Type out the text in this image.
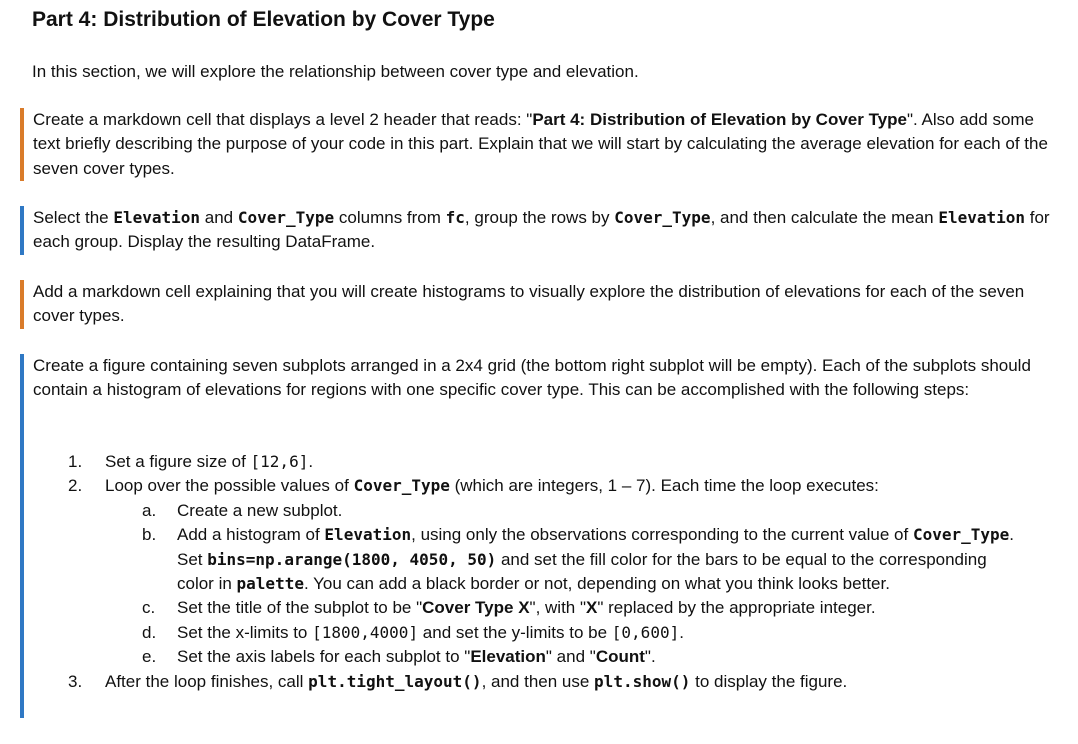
Part 4: Distribution of Elevation by Cover Type

In this section, we will explore the relationship between cover type and elevation.

Create a markdown cell that displays a level 2 header that reads: "Part 4: Distribution of Elevation by Cover Type". Also add some text briefly describing the purpose of your code in this part. Explain that we will start by calculating the average elevation for each of the seven cover types.

Select the Elevation and Cover_Type columns from fc, group the rows by Cover_Type, and then calculate the mean Elevation for each group. Display the resulting DataFrame.

Add a markdown cell explaining that you will create histograms to visually explore the distribution of elevations for each of the seven cover types.

Create a figure containing seven subplots arranged in a 2x4 grid (the bottom right subplot will be empty). Each of the subplots should contain a histogram of elevations for regions with one specific cover type. This can be accomplished with the following steps:

1.	Set a figure size of [12,6].
2.	Loop over the possible values of Cover_Type (which are integers, 1 – 7). Each time the loop executes:
a.	Create a new subplot.
b.	Add a histogram of Elevation, using only the observations corresponding to the current value of Cover_Type. Set bins=np.arange(1800, 4050, 50) and set the fill color for the bars to be equal to the corresponding color in palette. You can add a black border or not, depending on what you think looks better.
c.	Set the title of the subplot to be "Cover Type X", with "X" replaced by the appropriate integer.
d.	Set the x-limits to [1800,4000] and set the y-limits to be [0,600].
e.	Set the axis labels for each subplot to "Elevation" and "Count".
3.	After the loop finishes, call plt.tight_layout(), and then use plt.show() to display the figure.
